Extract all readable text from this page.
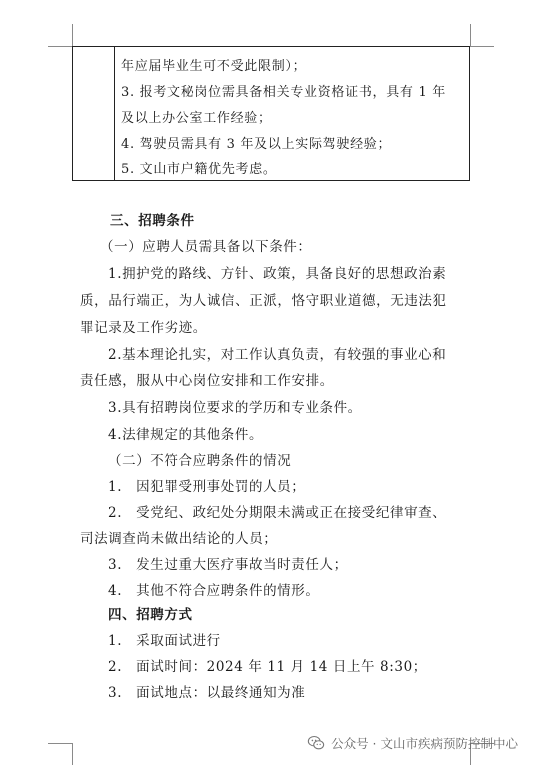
年应届毕业生可不受此限制）；
3. 报考文秘岗位需具备相关专业资格证书，具有 1 年
及以上办公室工作经验；
4. 驾驶员需具有 3 年及以上实际驾驶经验；
5. 文山市户籍优先考虑。
三、招聘条件
（一）应聘人员需具备以下条件：
1.拥护党的路线、方针、政策，具备良好的思想政治素
质，品行端正，为人诚信、正派，恪守职业道德，无违法犯
罪记录及工作劣迹。
2.基本理论扎实，对工作认真负责，有较强的事业心和
责任感，服从中心岗位安排和工作安排。
3.具有招聘岗位要求的学历和专业条件。
4.法律规定的其他条件。
（二）不符合应聘条件的情况
1.　因犯罪受刑事处罚的人员；
2.　受党纪、政纪处分期限未满或正在接受纪律审查、
司法调查尚未做出结论的人员；
3.　发生过重大医疗事故当时责任人；
4.　其他不符合应聘条件的情形。
四、招聘方式
1.　采取面试进行
2.　面试时间：2024 年 11 月 14 日上午 8:30；
3.　面试地点：以最终通知为准
公众号 · 文山市疾病预防控制中心
